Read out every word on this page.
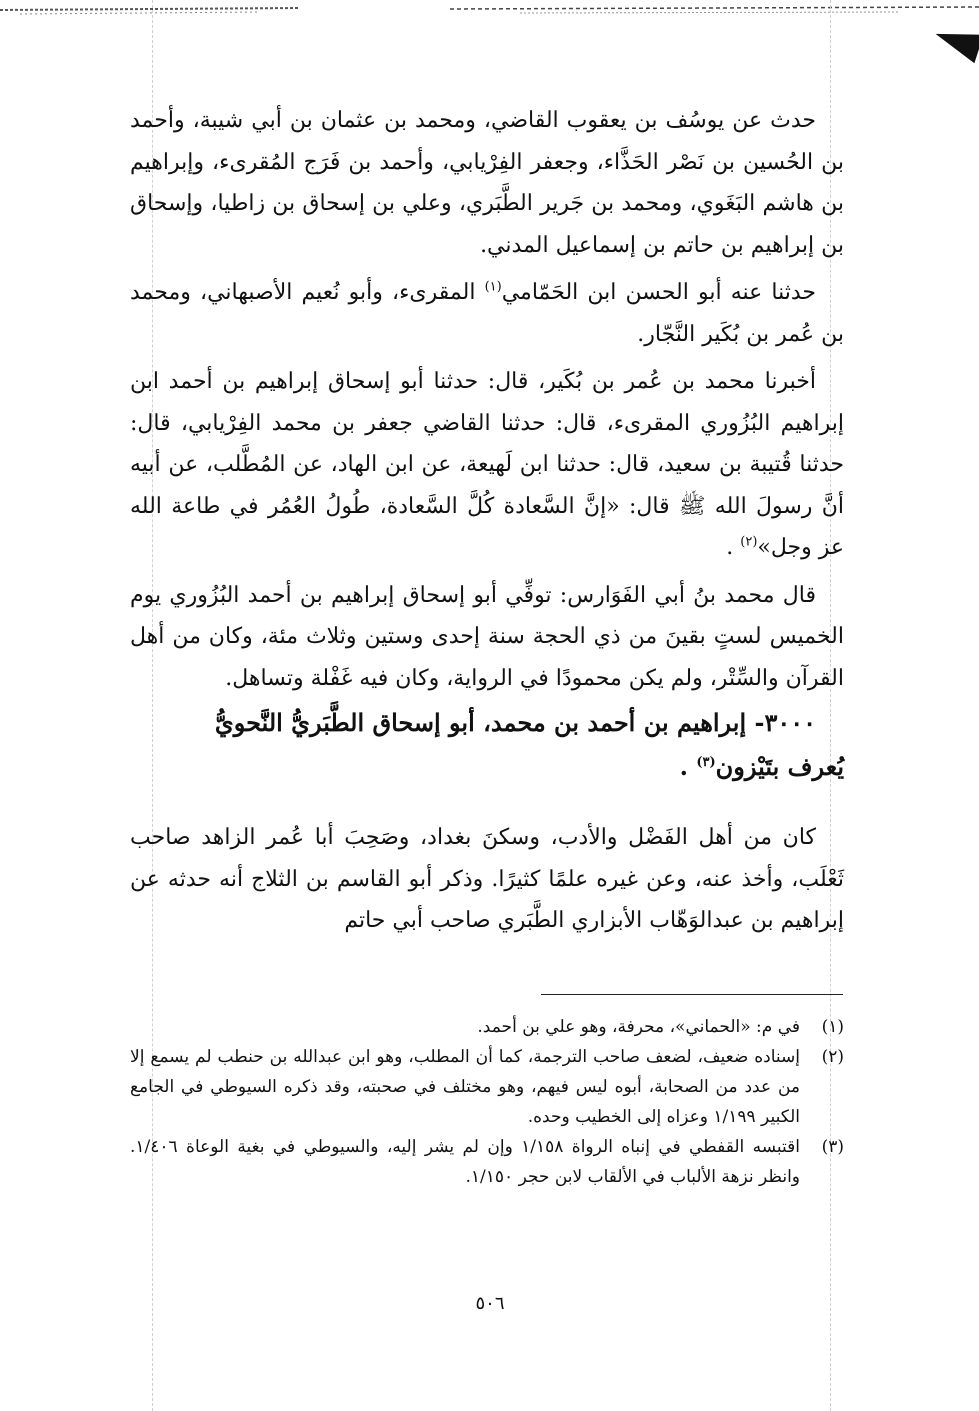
حدث عن يوسُف بن يعقوب القاضي، ومحمد بن عثمان بن أبي شيبة، وأحمد بن الحُسين بن نَصْر الحَذَّاء، وجعفر الفِرْيابي، وأحمد بن فَرَج المُقرىء، وإبراهيم بن هاشم البَغَوي، ومحمد بن جَرير الطَّبَري، وعلي بن إسحاق بن زاطيا، وإسحاق بن إبراهيم بن حاتم بن إسماعيل المدني.

حدثنا عنه أبو الحسن ابن الحَمّامي$^{(١)}$ المقرىء، وأبو نُعيم الأصبهاني، ومحمد بن عُمر بن بُكَير النَّجّار.

أخبرنا محمد بن عُمر بن بُكَير، قال: حدثنا أبو إسحاق إبراهيم بن أحمد ابن إبراهيم البُزُوري المقرىء، قال: حدثنا القاضي جعفر بن محمد الفِرْيابي، قال: حدثنا قُتيبة بن سعيد، قال: حدثنا ابن لَهيعة، عن ابن الهاد، عن المُطَّلب، عن أبيه أنَّ رسولَ الله ﷺ قال: «إنَّ السَّعادة كُلَّ السَّعادة، طُولُ العُمُر في طاعة الله عز وجل»$^{(٢)}$ .

قال محمد بنُ أبي الفَوَارس: توفِّي أبو إسحاق إبراهيم بن أحمد البُزُوري يوم الخميس لستٍ بقينَ من ذي الحجة سنة إحدى وستين وثلاث مئة، وكان من أهل القرآن والسِّتْر، ولم يكن محمودًا في الرواية، وكان فيه غَفْلة وتساهل.

٣٠٠٠- إبراهيم بن أحمد بن محمد، أبو إسحاق الطَّبَريُّ النَّحويُّ
يُعرف بتَيْزون$^{(٣)}$ .

كان من أهل الفَضْل والأدب، وسكنَ بغداد، وصَحِبَ أبا عُمر الزاهد صاحب ثَعْلَب، وأخذ عنه، وعن غيره علمًا كثيرًا. وذكر أبو القاسم بن الثلاج أنه حدثه عن إبراهيم بن عبدالوَهّاب الأبزاري الطَّبَري صاحب أبي حاتم

(١)
في م: «الحماني»، محرفة، وهو علي بن أحمد.

(٢)
إسناده ضعيف، لضعف صاحب الترجمة، كما أن المطلب، وهو ابن عبدالله بن حنطب لم يسمع إلا من عدد من الصحابة، أبوه ليس فيهم، وهو مختلف في صحبته، وقد ذكره السيوطي في الجامع الكبير ١/١٩٩ وعزاه إلى الخطيب وحده.

(٣)
اقتبسه القفطي في إنباه الرواة ١/١٥٨ وإن لم يشر إليه، والسيوطي في بغية الوعاة ١/٤٠٦. وانظر نزهة الألباب في الألقاب لابن حجر ١/١٥٠.

٥٠٦
